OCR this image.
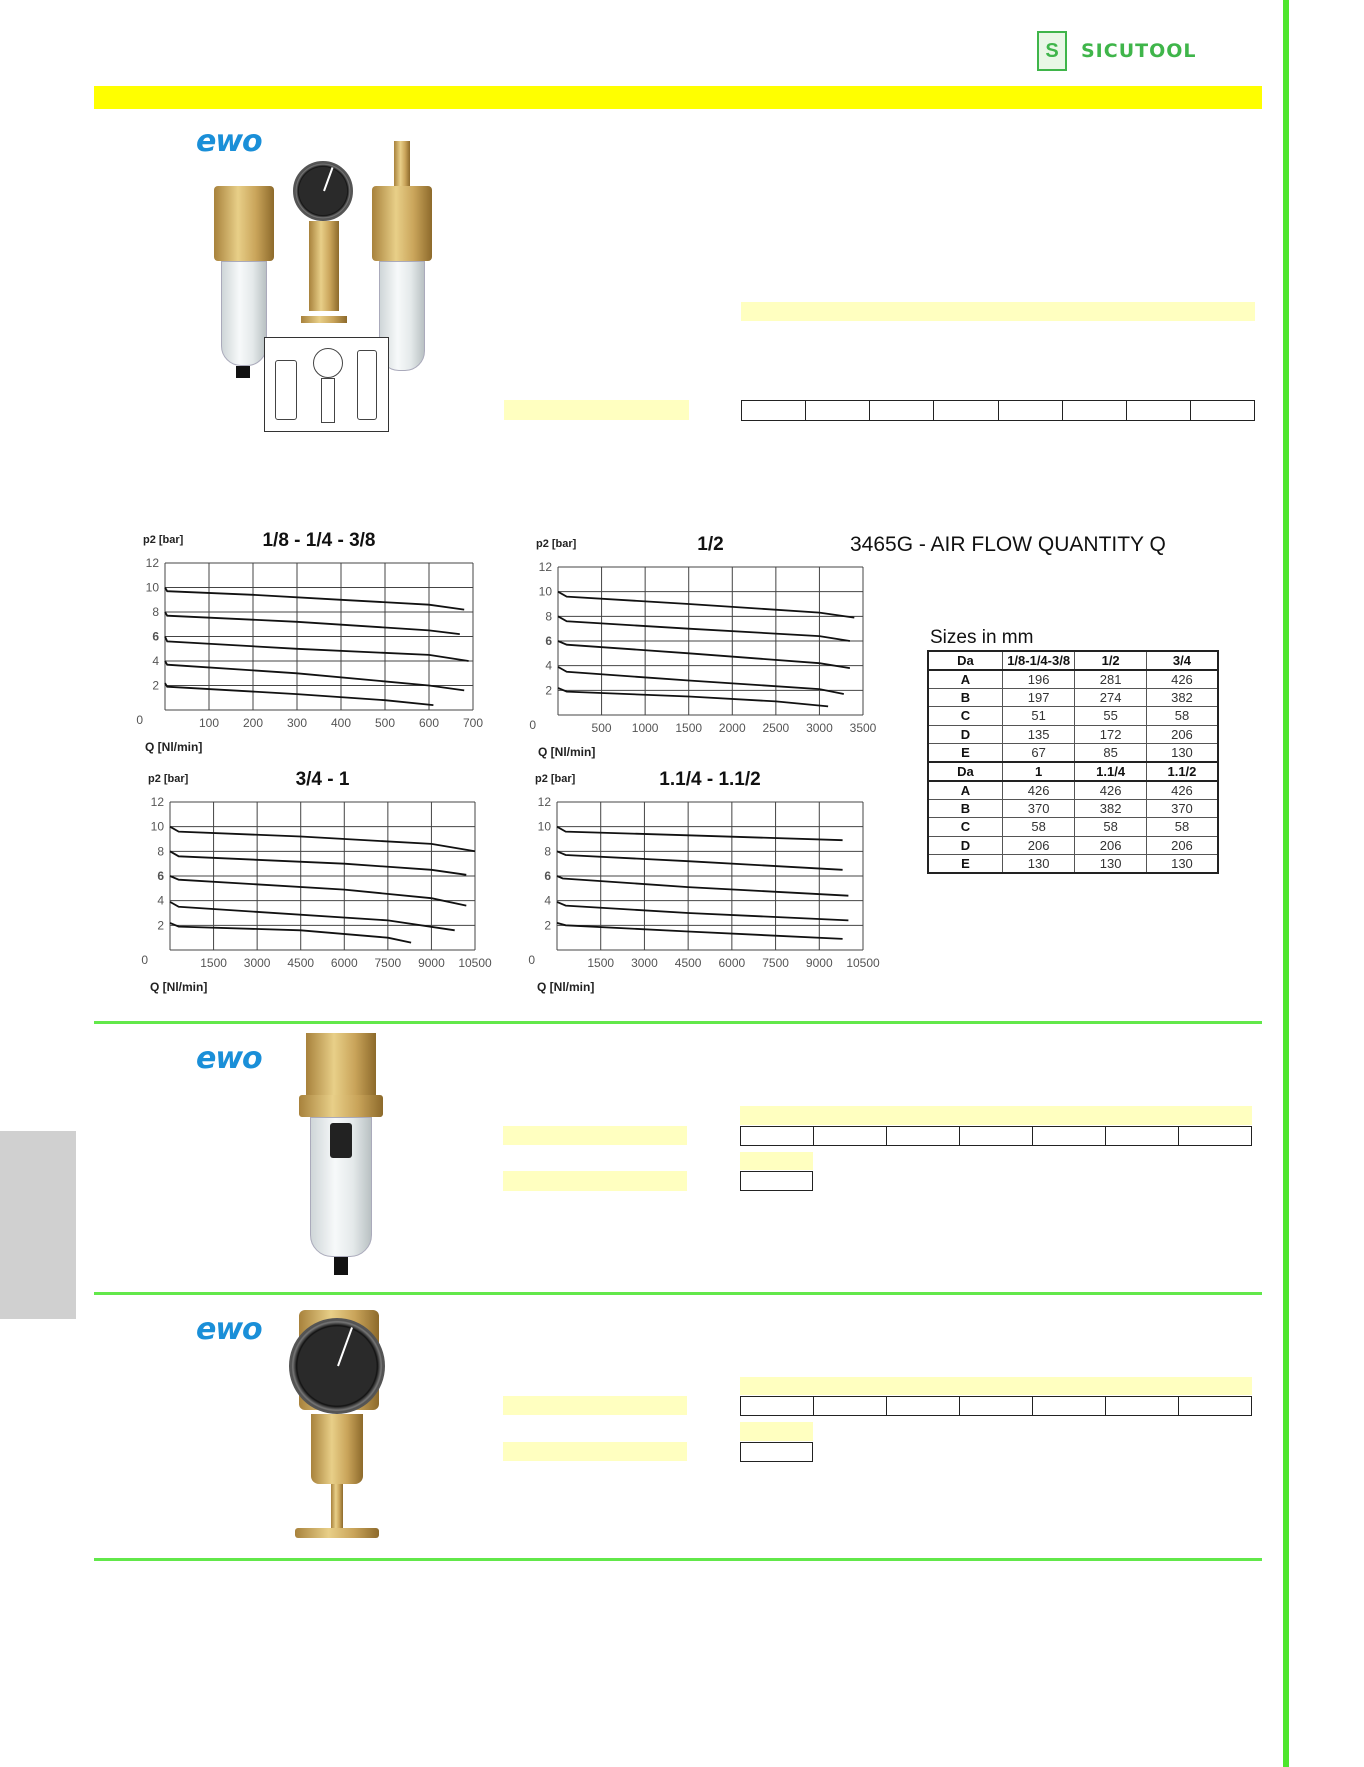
S	SICUTOOL
ewo
3465G - AIR FLOW QUANTITY Q
0
2
4
6
8
10
12
100 200 300 400 500 600 700
p2 [bar]
Q [Nl/min]
1/8 - 1/4 - 3/8
0
2
4
6
8
10
12
500 1000 1500 2000 2500 3000 3500
p2 [bar]
Q [Nl/min]
1/2
0
2
4
6
8
10
12
1500 3000 4500 6000 7500 9000 10500
p2 [bar]
Q [Nl/min]
3/4 - 1
0
2
4
6
8
10
12
1500 3000 4500 6000 7500 9000 10500
p2 [bar]
Q [Nl/min]
1.1/4 - 1.1/2
Sizes in mm
Da	1/8-1/4-3/8	1/2	3/4
A	196	281	426
B	197	274	382
C	51	55	58
D	135	172	206
E	67	85	130
Da	1	1.1/4	1.1/2
A	426	426	426
B	370	382	370
C	58	58	58
D	206	206	206
E	130	130	130
ewo
ewo
